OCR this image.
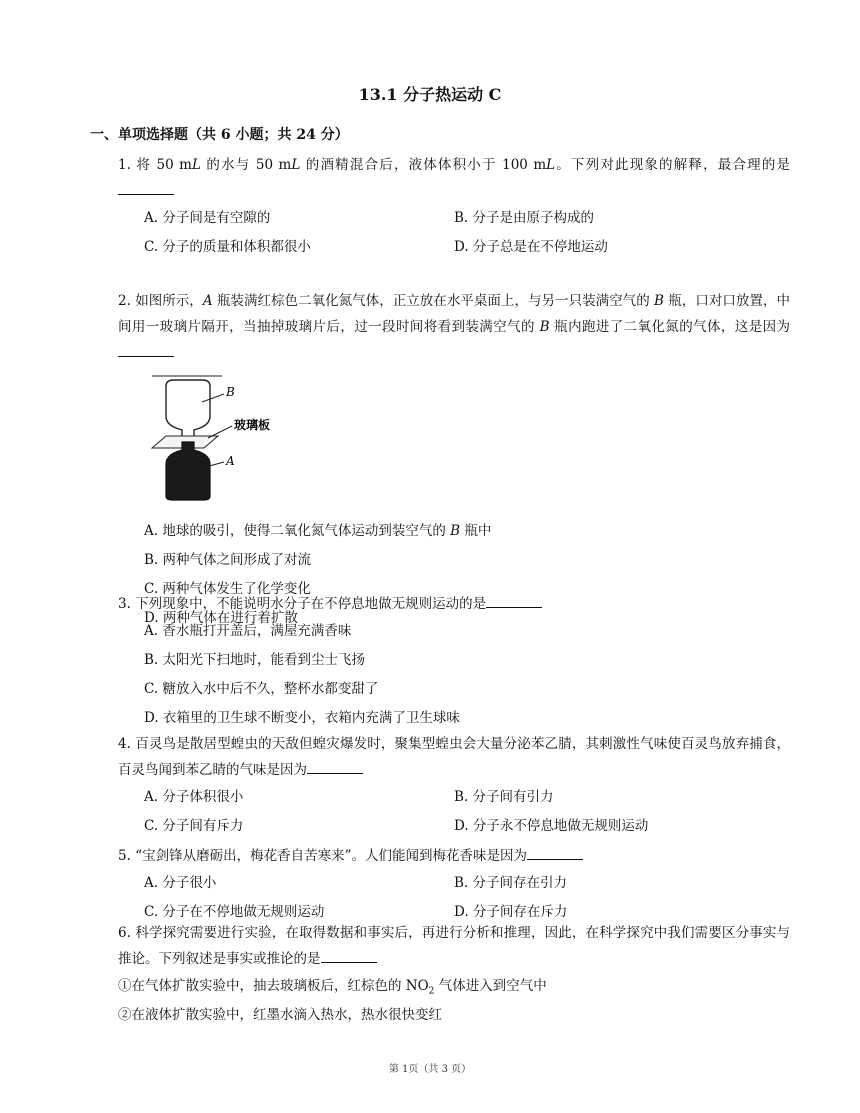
13.1 分子热运动 C
一、单项选择题（共 6 小题；共 24 分）

1. 将 50 mL 的水与 50 mL 的酒精混合后，液体体积小于 100 mL。下列对此现象的解释，最合理的是

A. 分子间是有空隙的	B. 分子是由原子构成的
C. 分子的质量和体积都很小	D. 分子总是在不停地运动

2. 如图所示，A 瓶装满红棕色二氧化氮气体，正立放在水平桌面上，与另一只装满空气的 B 瓶，口对口放置，中间用一玻璃片隔开，当抽掉玻璃片后，过一段时间将看到装满空气的 B 瓶内跑进了二氧化氮的气体，这是因为

B
玻璃板
A
A. 地球的吸引，使得二氧化氮气体运动到装空气的 B 瓶中
B. 两种气体之间形成了对流
C. 两种气体发生了化学变化
D. 两种气体在进行着扩散

3. 下列现象中，不能说明水分子在不停息地做无规则运动的是

A. 香水瓶打开盖后，满屋充满香味
B. 太阳光下扫地时，能看到尘士飞扬
C. 糖放入水中后不久，整杯水都变甜了
D. 衣箱里的卫生球不断变小，衣箱内充满了卫生球味

4. 百灵鸟是散居型蝗虫的天敌但蝗灾爆发时，聚集型蝗虫会大量分泌苯乙腈，其刺激性气味使百灵鸟放弃捕食，百灵鸟闻到苯乙睛的气味是因为

A. 分子体积很小	B. 分子间有引力
C. 分子间有斥力	D. 分子永不停息地做无规则运动

5. “宝剑锋从磨砺出，梅花香自苦寒来”。人们能闻到梅花香味是因为

A. 分子很小	B. 分子间存在引力
C. 分子在不停地做无规则运动	D. 分子间存在斥力

6. 科学探究需要进行实验，在取得数据和事实后，再进行分析和推理，因此，在科学探究中我们需要区分事实与推论。下列叙述是事实或推论的是

①在气体扩散实验中，抽去玻璃板后，红棕色的 $NO_2$ 气体进入到空气中
②在液体扩散实验中，红墨水滴入热水，热水很快变红
第 1页（共 3 页）
